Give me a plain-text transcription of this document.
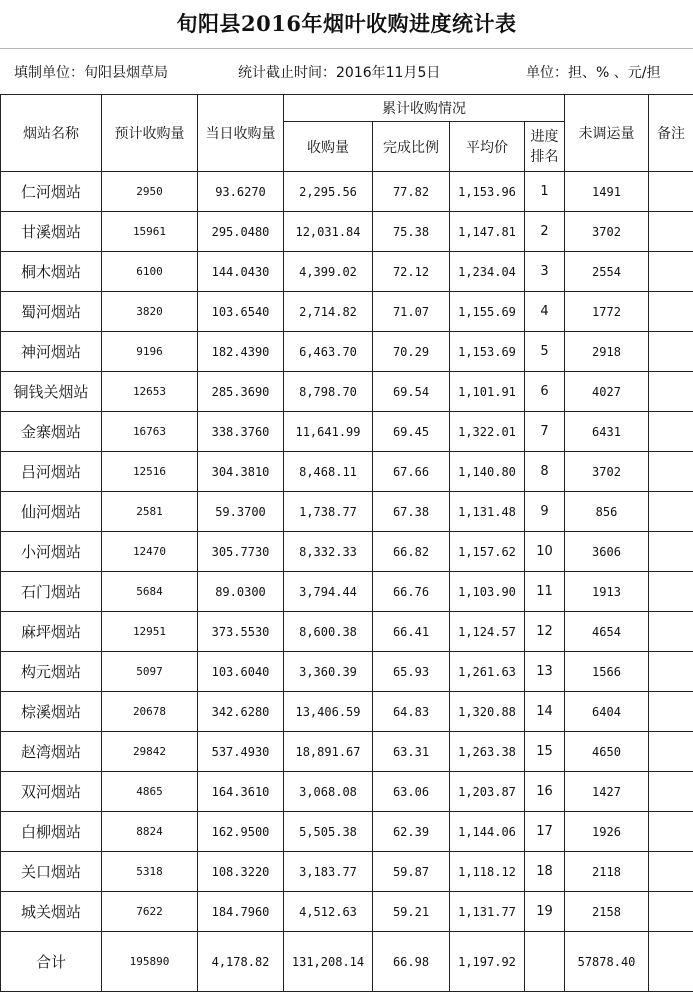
旬阳县2016年烟叶收购进度统计表
填制单位：旬阳县烟草局	统计截止时间：2016年11月5日	单位：担、% 、元/担
烟站名称	预计收购量	当日收购量	累计收购情况				未调运量	备注
			收购量	完成比例	平均价	进度
排名		
仁河烟站	2950	93.6270	2,295.56	77.82	1,153.96	1	1491	
甘溪烟站	15961	295.0480	12,031.84	75.38	1,147.81	2	3702	
桐木烟站	6100	144.0430	4,399.02	72.12	1,234.04	3	2554	
蜀河烟站	3820	103.6540	2,714.82	71.07	1,155.69	4	1772	
神河烟站	9196	182.4390	6,463.70	70.29	1,153.69	5	2918	
铜钱关烟站	12653	285.3690	8,798.70	69.54	1,101.91	6	4027	
金寨烟站	16763	338.3760	11,641.99	69.45	1,322.01	7	6431	
吕河烟站	12516	304.3810	8,468.11	67.66	1,140.80	8	3702	
仙河烟站	2581	59.3700	1,738.77	67.38	1,131.48	9	856	
小河烟站	12470	305.7730	8,332.33	66.82	1,157.62	10	3606	
石门烟站	5684	89.0300	3,794.44	66.76	1,103.90	11	1913	
麻坪烟站	12951	373.5530	8,600.38	66.41	1,124.57	12	4654	
构元烟站	5097	103.6040	3,360.39	65.93	1,261.63	13	1566	
棕溪烟站	20678	342.6280	13,406.59	64.83	1,320.88	14	6404	
赵湾烟站	29842	537.4930	18,891.67	63.31	1,263.38	15	4650	
双河烟站	4865	164.3610	3,068.08	63.06	1,203.87	16	1427	
白柳烟站	8824	162.9500	5,505.38	62.39	1,144.06	17	1926	
关口烟站	5318	108.3220	3,183.77	59.87	1,118.12	18	2118	
城关烟站	7622	184.7960	4,512.63	59.21	1,131.77	19	2158	
合计	195890	4,178.82	131,208.14	66.98	1,197.92		57878.40	
